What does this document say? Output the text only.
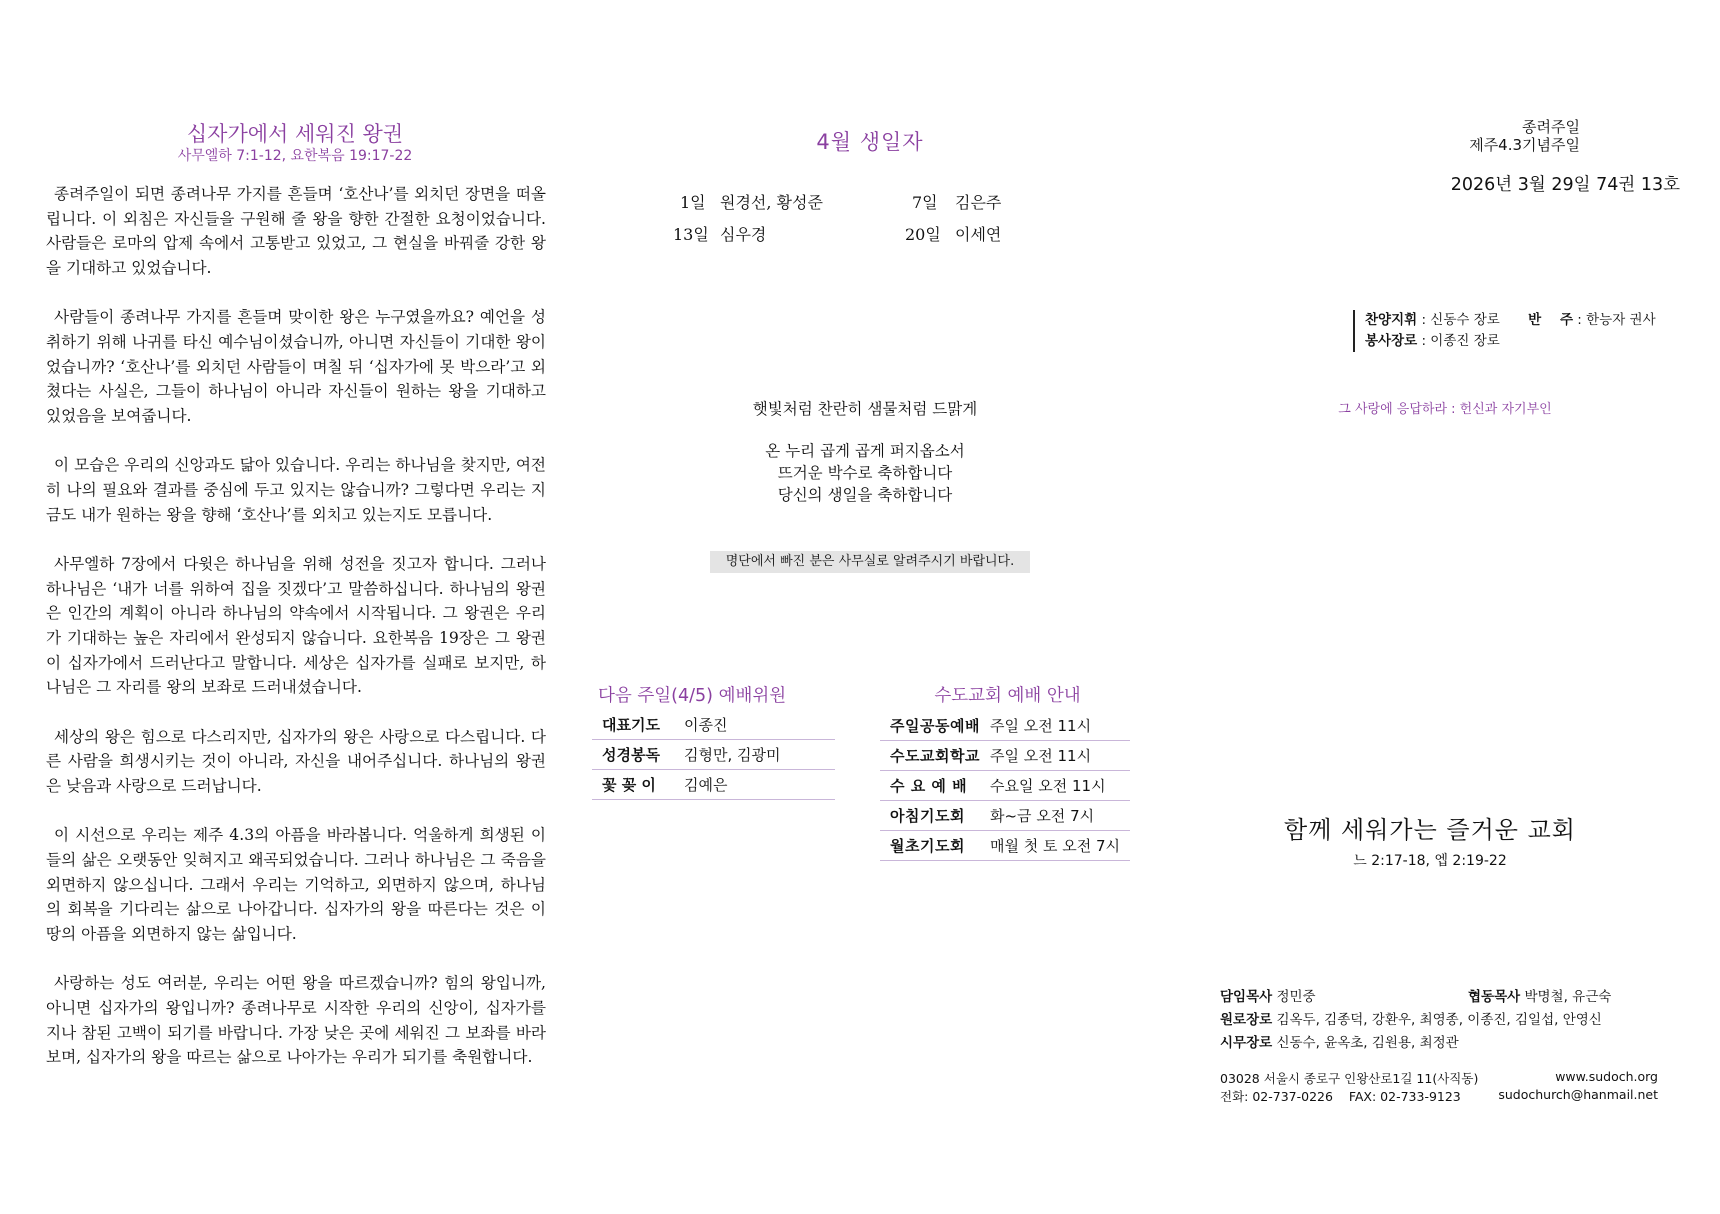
십자가에서 세워진 왕권
사무엘하 7:1-12, 요한복음 19:17-22

종려주일이 되면 종려나무 가지를 흔들며 ‘호산나’를 외치던 장면을 떠올립니다. 이 외침은 자신들을 구원해 줄 왕을 향한 간절한 요청이었습니다. 사람들은 로마의 압제 속에서 고통받고 있었고, 그 현실을 바꿔줄 강한 왕을 기대하고 있었습니다.

사람들이 종려나무 가지를 흔들며 맞이한 왕은 누구였을까요? 예언을 성취하기 위해 나귀를 타신 예수님이셨습니까, 아니면 자신들이 기대한 왕이었습니까? ‘호산나’를 외치던 사람들이 며칠 뒤 ‘십자가에 못 박으라’고 외쳤다는 사실은, 그들이 하나님이 아니라 자신들이 원하는 왕을 기대하고 있었음을 보여줍니다.

이 모습은 우리의 신앙과도 닮아 있습니다. 우리는 하나님을 찾지만, 여전히 나의 필요와 결과를 중심에 두고 있지는 않습니까? 그렇다면 우리는 지금도 내가 원하는 왕을 향해 ‘호산나’를 외치고 있는지도 모릅니다.

사무엘하 7장에서 다윗은 하나님을 위해 성전을 짓고자 합니다. 그러나 하나님은 ‘내가 너를 위하여 집을 짓겠다’고 말씀하십니다. 하나님의 왕권은 인간의 계획이 아니라 하나님의 약속에서 시작됩니다. 그 왕권은 우리가 기대하는 높은 자리에서 완성되지 않습니다. 요한복음 19장은 그 왕권이 십자가에서 드러난다고 말합니다. 세상은 십자가를 실패로 보지만, 하나님은 그 자리를 왕의 보좌로 드러내셨습니다.

세상의 왕은 힘으로 다스리지만, 십자가의 왕은 사랑으로 다스립니다. 다른 사람을 희생시키는 것이 아니라, 자신을 내어주십니다. 하나님의 왕권은 낮음과 사랑으로 드러납니다.

이 시선으로 우리는 제주 4.3의 아픔을 바라봅니다. 억울하게 희생된 이들의 삶은 오랫동안 잊혀지고 왜곡되었습니다. 그러나 하나님은 그 죽음을 외면하지 않으십니다. 그래서 우리는 기억하고, 외면하지 않으며, 하나님의 회복을 기다리는 삶으로 나아갑니다. 십자가의 왕을 따른다는 것은 이 땅의 아픔을 외면하지 않는 삶입니다.

사랑하는 성도 여러분, 우리는 어떤 왕을 따르겠습니까? 힘의 왕입니까, 아니면 십자가의 왕입니까? 종려나무로 시작한 우리의 신앙이, 십자가를 지나 참된 고백이 되기를 바랍니다. 가장 낮은 곳에 세워진 그 보좌를 바라보며, 십자가의 왕을 따르는 삶으로 나아가는 우리가 되기를 축원합니다.

4월 생일자
1일 원경선, 황성준	7일 김은주
13일 심우경	20일 이세연
햇빛처럼 찬란히 샘물처럼 드맑게
온 누리 곱게 곱게 퍼지옵소서
뜨거운 박수로 축하합니다
당신의 생일을 축하합니다
명단에서 빠진 분은 사무실로 알려주시기 바랍니다.
다음 주일(4/5) 예배위원
대표기도	이종진
성경봉독	김형만, 김광미
꽃 꽂 이	김예은
수도교회 예배 안내
주일공동예배	주일 오전 11시
수도교회학교	주일 오전 11시
수 요 예 배	수요일 오전 11시
아침기도회	화~금 오전 7시
월초기도회	매월 첫 토 오전 7시
종려주일
제주4.3기념주일
2026년 3월 29일 74권 13호
찬양지휘 : 신동수 장로 반    주 : 한능자 권사
봉사장로 : 이종진 장로
그 사랑에 응답하라 : 헌신과 자기부인
함께 세워가는 즐거운 교회
느 2:17-18, 엡 2:19-22
담임목사 정민중	협동목사 박명철, 유근숙
원로장로 김옥두, 김종덕, 강환우, 최영종, 이종진, 김일섭, 안영신
시무장로 신동수, 윤옥초, 김원용, 최정관
03028 서울시 종로구 인왕산로1길 11(사직동)	www.sudoch.org
전화: 02-737-0226    FAX: 02-733-9123	sudochurch@hanmail.net
